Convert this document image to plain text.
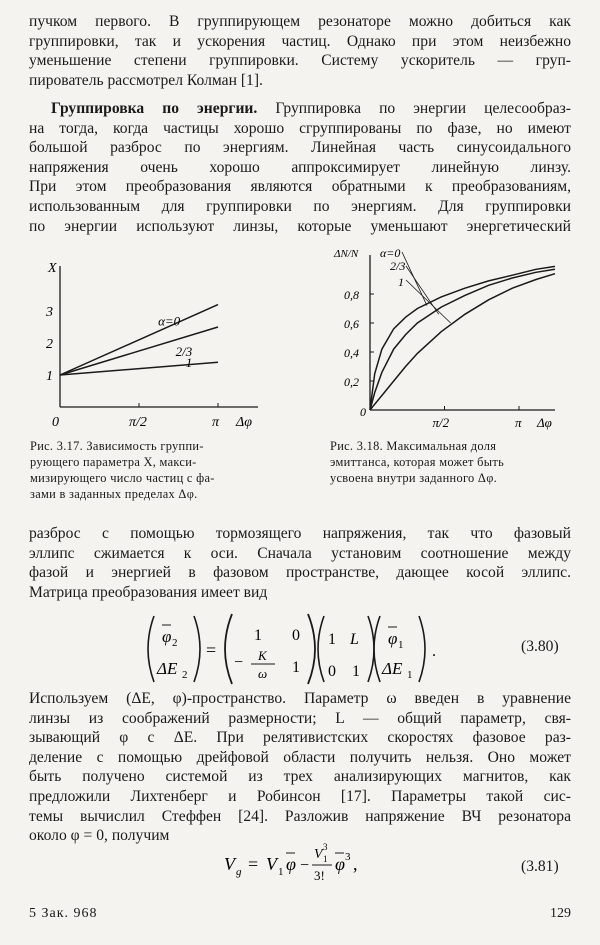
пучком первого. В группирующем резонаторе можно добиться как
группировки, так и ускорения частиц. Однако при этом неизбежно
уменьшение степени группировки. Систему ускоритель — груп-
пирователь рассмотрел Колман [1].
Группировка по энергии. Группировка по энергии целесообраз-
на тогда, когда частицы хорошо сгруппированы по фазе, но имеют
большой разброс по энергиям. Линейная часть синусоидального
напряжения очень хорошо аппроксимирует линейную линзу.
При этом преобразования являются обратными к преобразованиям,
использованным для группировки по энергиям. Для группировки
по энергии используют линзы, которые уменьшают энергетический
0	π/2	π Δφ
1
2
3
X
α=0
2/3
1
Рис. 3.17. Зависимость группи-
рующего параметра X, макси-
мизирующего число частиц с фа-
зами в заданных пределах Δφ.
π/2	π Δφ
0
0,2
0,4
0,6
0,8
ΔN/N α=0
2/3
1
Рис. 3.18. Максимальная доля
эмиттанса, которая может быть
усвоена внутри заданного Δφ.
разброс с помощью тормозящего напряжения, так что фазовый
эллипс сжимается к оси. Сначала установим соотношение между
фазой и энергией в фазовом пространстве, дающее косой эллипс.
Матрица преобразования имеет вид
φ 2
ΔE 2
=
1 0
− K
ω 1
1 L
0 1
φ 1
ΔE 1
.	(3.80)
Используем (ΔE, φ)-пространство. Параметр ω введен в уравнение
линзы из соображений размерности; L — общий параметр, свя-
зывающий φ с ΔE. При релятивистских скоростях фазовое раз-
деление с помощью дрейфовой области получить нельзя. Оно может
быть получено системой из трех анализирующих магнитов, как
предложили Лихтенберг и Робинсон [17]. Параметры такой сис-
темы вычислил Стеффен [24]. Разложив напряжение ВЧ резонатора
около φ = 0, получим
V g = V 1 φ −
V 1
3
3!
φ 3 ,	(3.81)
5 Зак. 968	129
